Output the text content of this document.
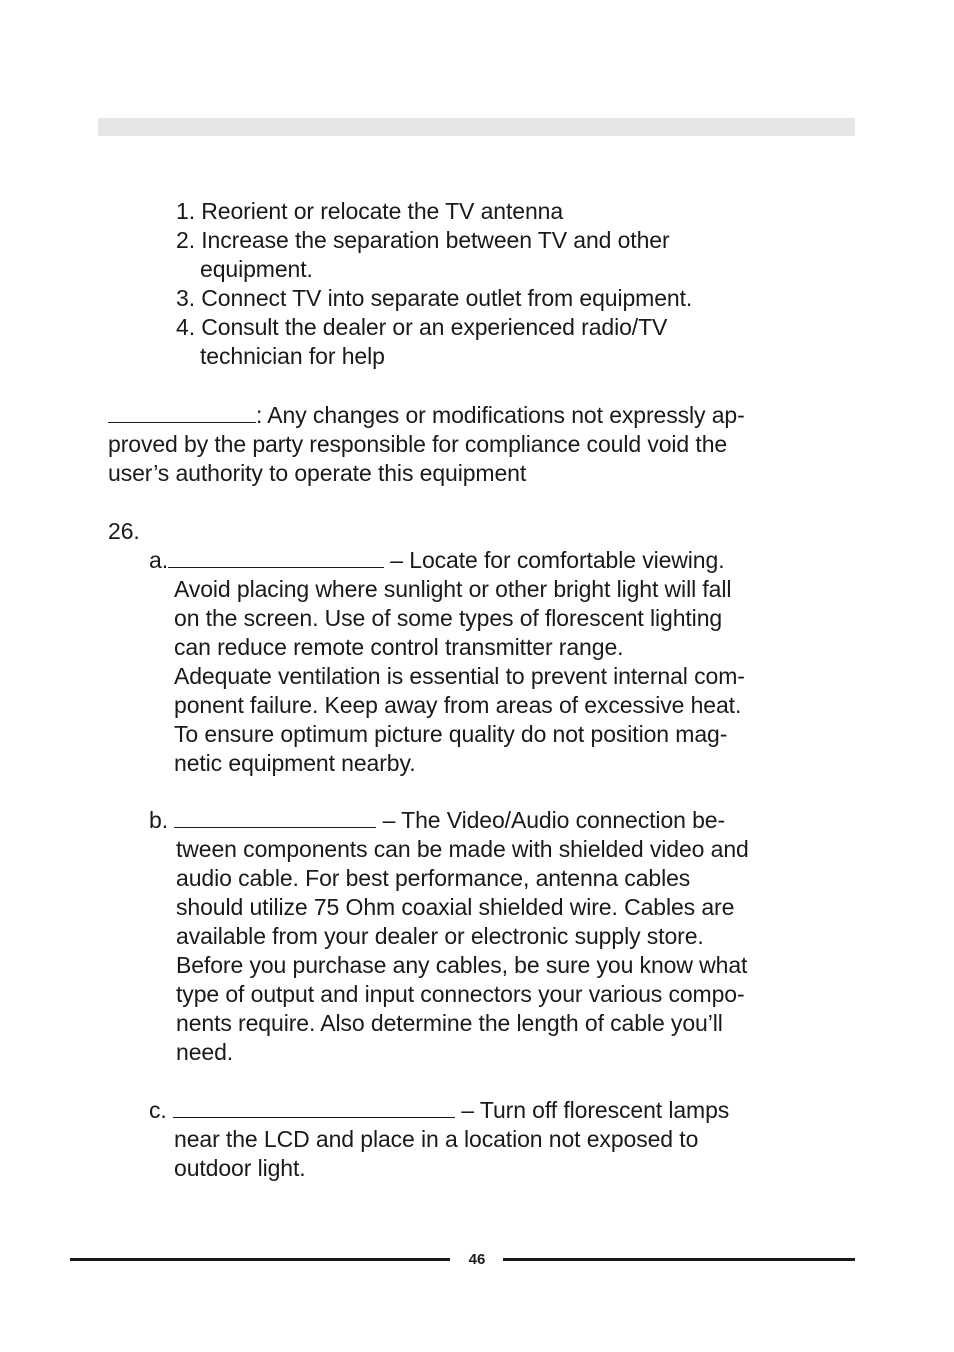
1. Reorient or relocate the TV antenna
2. Increase the separation between TV and other
equipment.
3. Connect TV into separate outlet from equipment.
4. Consult the dealer or an experienced radio/TV
technician for help
: Any changes or modifications not expressly ap-
proved by the party responsible for compliance could void the
user’s authority to operate this equipment
26.
a.	– Locate for comfortable viewing.
Avoid placing where sunlight or other bright light will fall
on the screen. Use of some types of florescent lighting
can reduce remote control transmitter range.
Adequate ventilation is essential to prevent internal com-
ponent failure. Keep away from areas of excessive heat.
To ensure optimum picture quality do not position mag-
netic equipment nearby.
b.	– The Video/Audio connection be-
tween components can be made with shielded video and
audio cable. For best performance, antenna cables
should utilize 75 Ohm coaxial shielded wire. Cables are
available from your dealer or electronic supply store.
Before you purchase any cables, be sure you know what
type of output and input connectors your various compo-
nents require. Also determine the length of cable you’ll
need.
c.	– Turn off florescent lamps
near the LCD and place in a location not exposed to
outdoor light.
46
